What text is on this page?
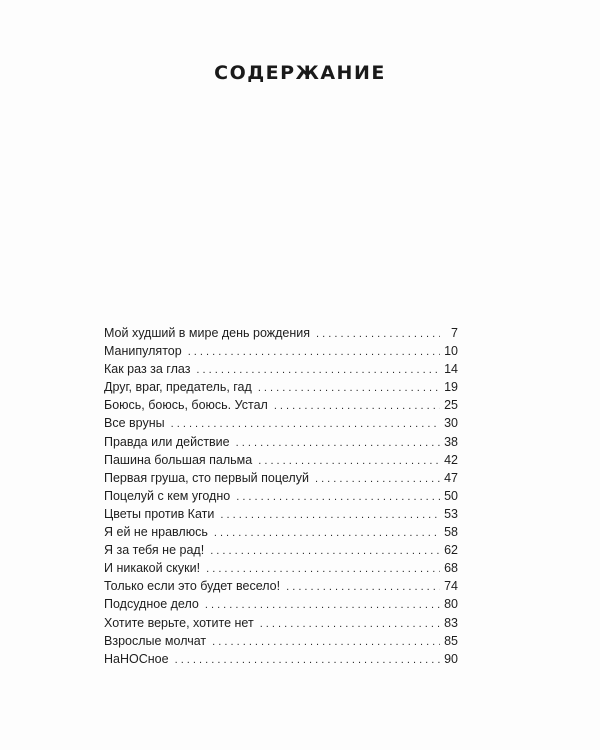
СОДЕРЖАНИЕ
Мой худший в мире день рождения . . .	7
Манипулятор . . .	10
Как раз за глаз . . .	14
Друг, враг, предатель, гад . . .	19
Боюсь, боюсь, боюсь. Устал . . .	25
Все вруны . . .	30
Правда или действие . . .	38
Пашина большая пальма . . .	42
Первая груша, сто первый поцелуй . . .	47
Поцелуй с кем угодно . . .	50
Цветы против Кати . . .	53
Я ей не нравлюсь . . .	58
Я за тебя не рад! . . .	62
И никакой скуки! . . .	68
Только если это будет весело! . . .	74
Подсудное дело . . .	80
Хотите верьте, хотите нет . . .	83
Взрослые молчат . . .	85
НаНОСное . . .	90
